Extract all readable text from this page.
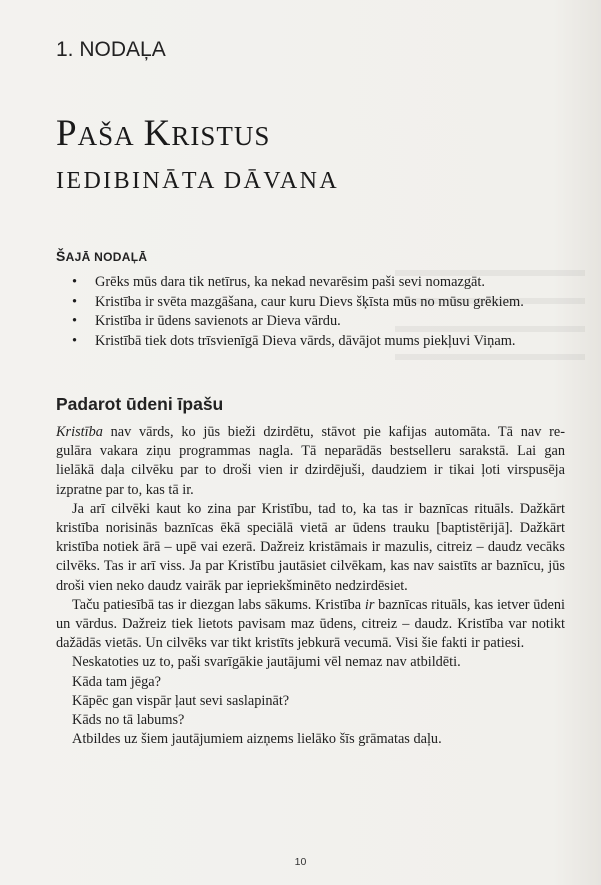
1. NODAĻA
PAŠA KRISTUS
IEDIBINĀTA DĀVANA
ŠAJĀ NODAĻĀ
• Grēks mūs dara tik netīrus, ka nekad nevarēsim paši sevi nomazgāt.
• Kristība ir svēta mazgāšana, caur kuru Dievs šķīsta mūs no mūsu grēkiem.
• Kristība ir ūdens savienots ar Dieva vārdu.
• Kristībā tiek dots trīsvienīgā Dieva vārds, dāvājot mums piekļuvi Viņam.
Padarot ūdeni īpašu

Kristība nav vārds, ko jūs bieži dzirdētu, stāvot pie kafijas automāta. Tā nav re-
gulāra vakara ziņu programmas nagla. Tā neparādās bestselleru sarakstā. Lai gan
lielākā daļa cilvēku par to droši vien ir dzirdējuši, daudziem ir tikai ļoti virspusēja
izpratne par to, kas tā ir.

Ja arī cilvēki kaut ko zina par Kristību, tad to, ka tas ir baznīcas rituāls. Dažkārt kristība norisinās baznīcas ēkā speciālā vietā ar ūdens trauku [baptistērijā]. Dažkārt kristība notiek ārā – upē vai ezerā. Dažreiz kristāmais ir mazulis, citreiz – daudz vecāks cilvēks. Tas ir arī viss. Ja par Kristību jautāsiet cilvēkam, kas nav saistīts ar baznīcu, jūs droši vien neko daudz vairāk par iepriekšminēto nedzirdēsiet.

Taču patiesībā tas ir diezgan labs sākums. Kristība ir baznīcas rituāls, kas ietver ūdeni un vārdus. Dažreiz tiek lietots pavisam maz ūdens, citreiz – daudz. Kristība var notikt dažādās vietās. Un cilvēks var tikt kristīts jebkurā vecumā. Visi šie fakti ir patiesi.

Neskatoties uz to, paši svarīgākie jautājumi vēl nemaz nav atbildēti.

Kāda tam jēga?

Kāpēc gan vispār ļaut sevi saslapināt?

Kāds no tā labums?

Atbildes uz šiem jautājumiem aizņems lielāko šīs grāmatas daļu.

10
